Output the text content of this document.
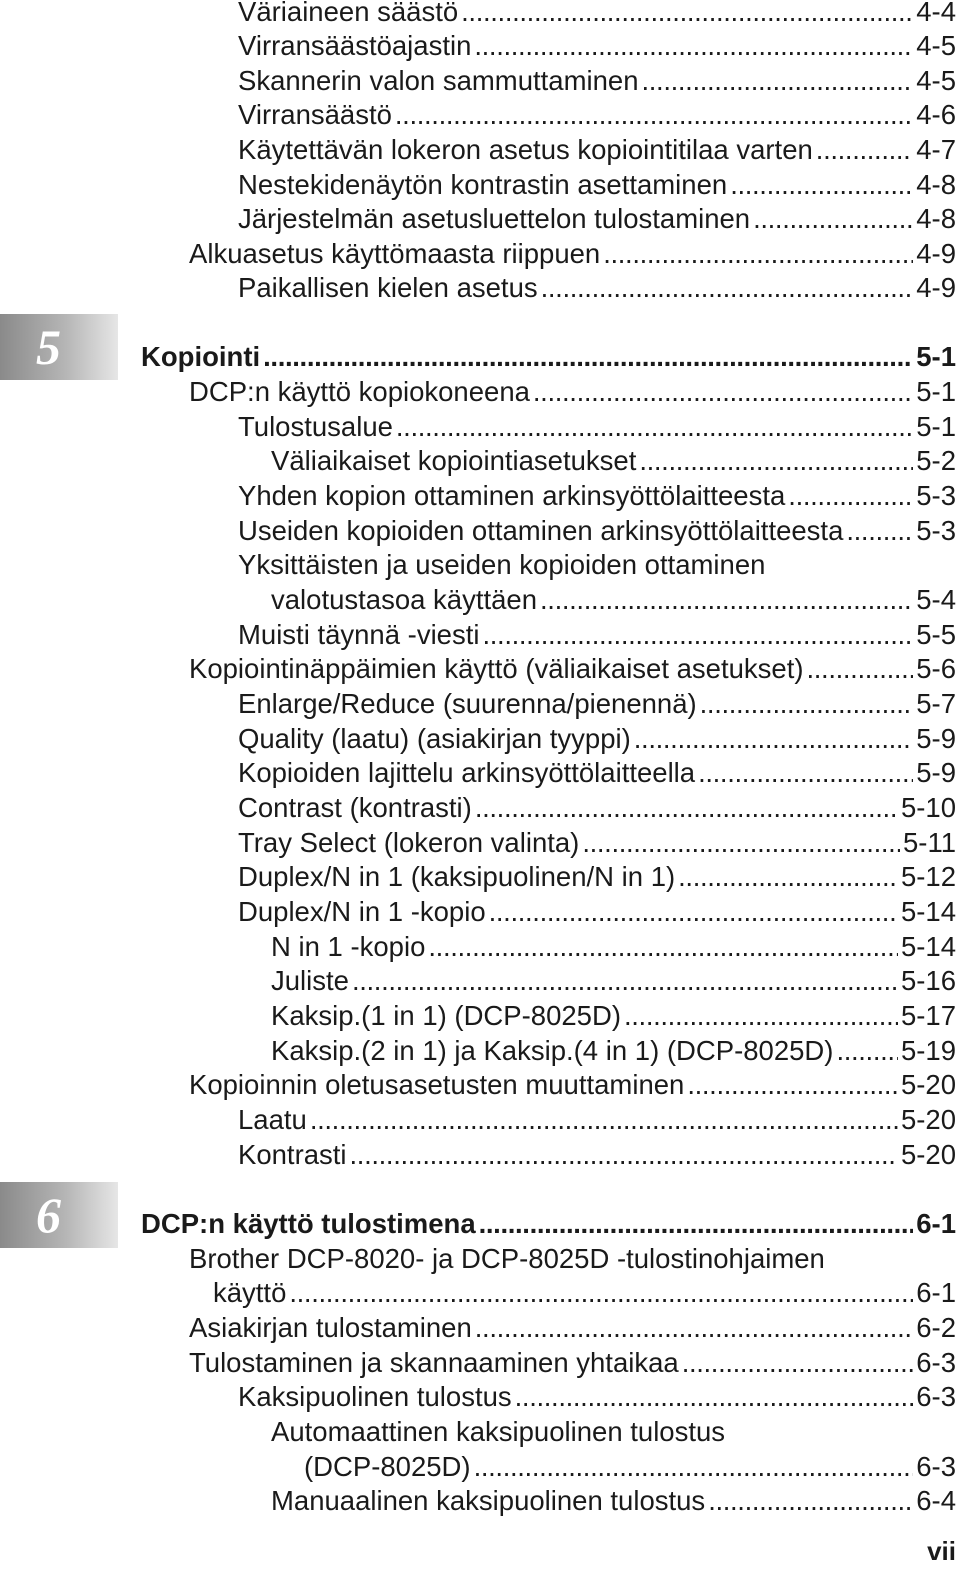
Väriaineen säästö . . .	4-4
Virransäästöajastin . . .	4-5
Skannerin valon sammuttaminen . . .	4-5
Virransäästö . . .	4-6
Käytettävän lokeron asetus kopiointitilaa varten . . .	4-7
Nestekidenäytön kontrastin asettaminen . . .	4-8
Järjestelmän asetusluettelon tulostaminen . . .	4-8
Alkuasetus käyttömaasta riippuen . . .	4-9
Paikallisen kielen asetus . . .	4-9
5	Kopiointi . . .	5-1
DCP:n käyttö kopiokoneena . . .	5-1
Tulostusalue . . .	5-1
Väliaikaiset kopiointiasetukset . . .	5-2
Yhden kopion ottaminen arkinsyöttölaitteesta . . .	5-3
Useiden kopioiden ottaminen arkinsyöttölaitteesta . . .	5-3
Yksittäisten ja useiden kopioiden ottaminen
valotustasoa käyttäen . . .	5-4
Muisti täynnä -viesti . . .	5-5
Kopiointinäppäimien käyttö (väliaikaiset asetukset) . . .	5-6
Enlarge/Reduce (suurenna/pienennä) . . .	5-7
Quality (laatu) (asiakirjan tyyppi) . . .	5-9
Kopioiden lajittelu arkinsyöttölaitteella . . .	5-9
Contrast (kontrasti) . . .	5-10
Tray Select (lokeron valinta) . . .	5-11
Duplex/N in 1 (kaksipuolinen/N in 1) . . .	5-12
Duplex/N in 1 -kopio . . .	5-14
N in 1 -kopio . . .	5-14
Juliste . . .	5-16
Kaksip.(1 in 1) (DCP-8025D) . . .	5-17
Kaksip.(2 in 1) ja Kaksip.(4 in 1) (DCP-8025D) . . . 5-19
Kopioinnin oletusasetusten muuttaminen . . .	5-20
Laatu . . .	5-20
Kontrasti . . .	5-20
6	DCP:n käyttö tulostimena . . .	6-1
Brother DCP-8020- ja DCP-8025D -tulostinohjaimen
käyttö . . .	6-1
Asiakirjan tulostaminen . . .	6-2
Tulostaminen ja skannaaminen yhtaikaa . . .	6-3
Kaksipuolinen tulostus . . .	6-3
Automaattinen kaksipuolinen tulostus
(DCP-8025D) . . .	6-3
Manuaalinen kaksipuolinen tulostus . . .	6-4
vii
